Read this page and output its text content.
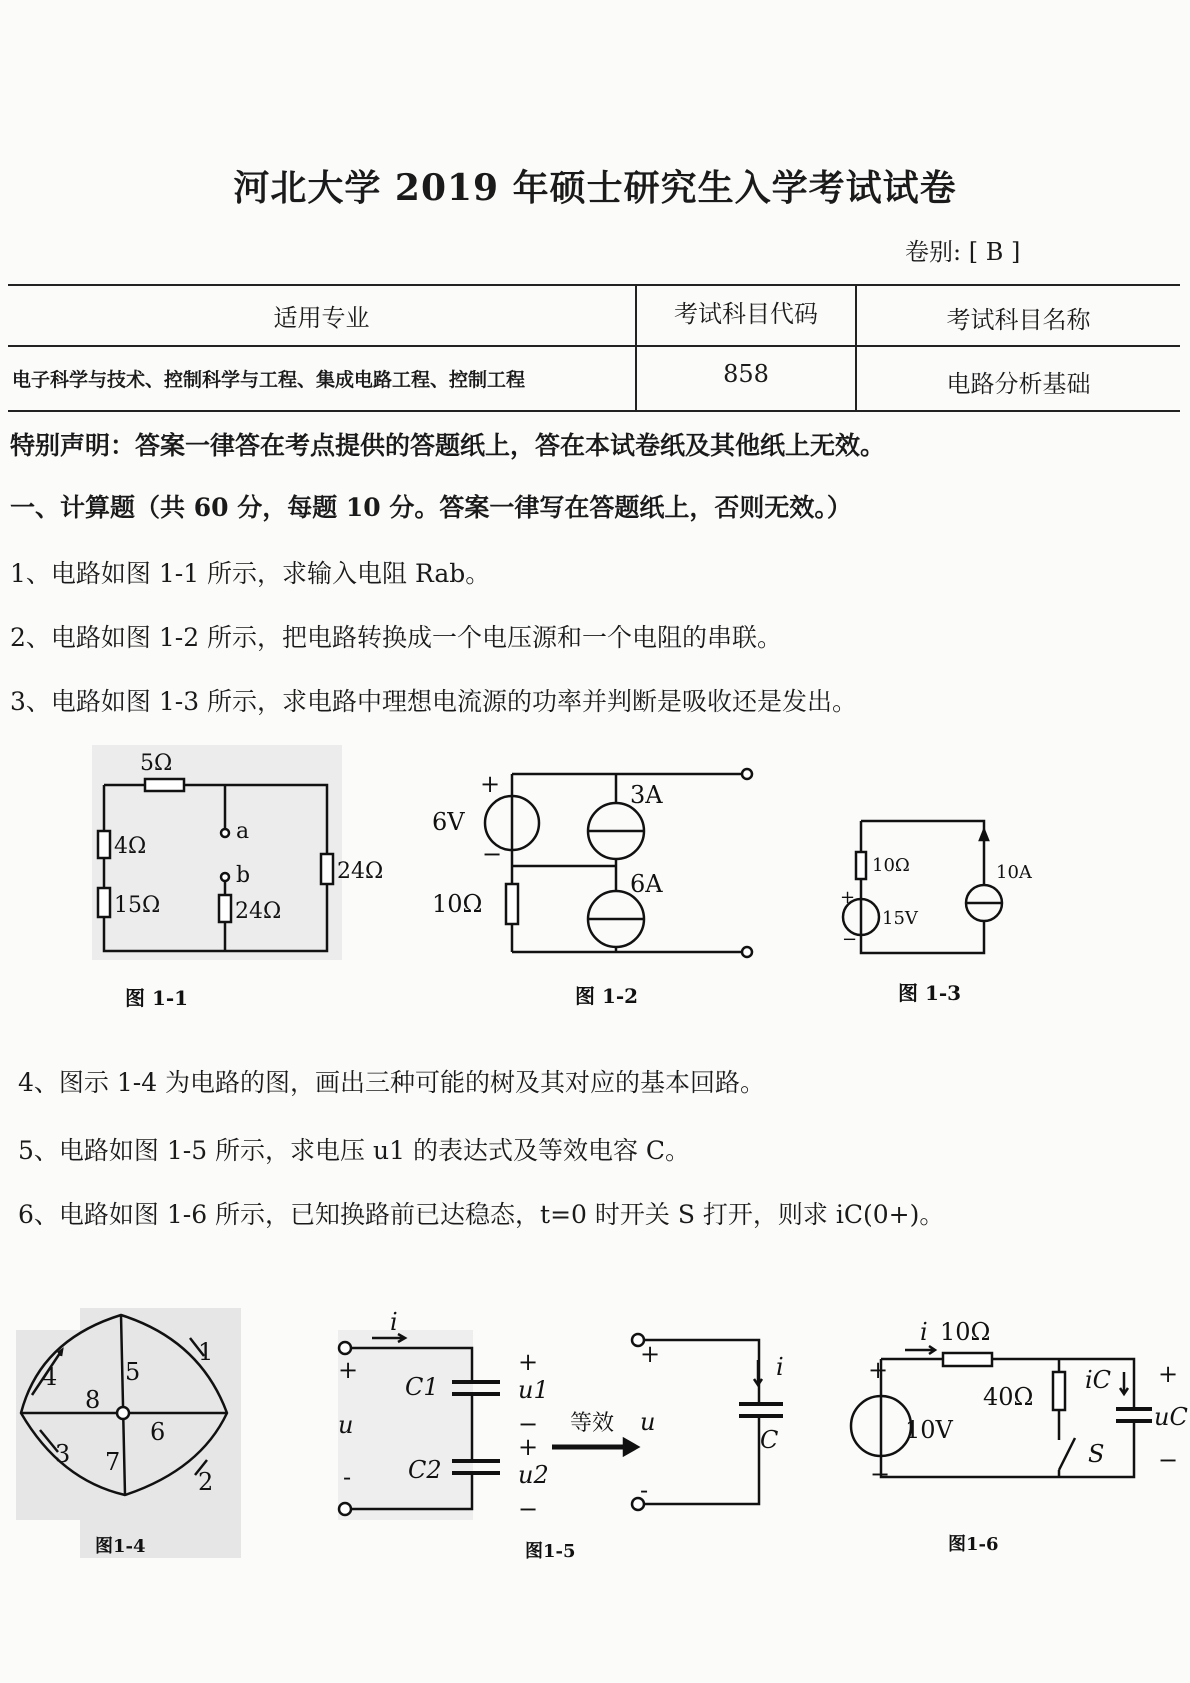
河北大学 2019 年硕士研究生入学考试试卷
卷别: [ B ]
适用专业	考试科目代码	考试科目名称
电子科学与技术、控制科学与工程、集成电路工程、控制工程	858	电路分析基础
特别声明：答案一律答在考点提供的答题纸上，答在本试卷纸及其他纸上无效。
一、计算题（共 60 分，每题 10 分。答案一律写在答题纸上，否则无效。）
1、电路如图 1-1 所示，求输入电阻 Rab。
2、电路如图 1-2 所示，把电路转换成一个电压源和一个电阻的串联。
3、电路如图 1-3 所示，求电路中理想电流源的功率并判断是吸收还是发出。
4、图示 1-4 为电路的图，画出三种可能的树及其对应的基本回路。
5、电路如图 1-5 所示，求电压 u1 的表达式及等效电容 C。
6、电路如图 1-6 所示，已知换路前已达稳态，t=0 时开关 S 打开，则求 iC(0+)。
5Ω
4Ω
15Ω
a
b
24Ω
24Ω
图 1-1
+
6V
−
3A
6A
10Ω
图 1-2
10Ω
+
15V
−
10A
图 1-3
1
2
3
4	5
6
7
8
图1-4
i
+
u
-
C1
C2
+
u1
−
+
u2
−
等效 u
+
-
i
C
图1-5
i 10Ω
+
10V
−
40Ω
iC
S
+
uC
−
图1-6
